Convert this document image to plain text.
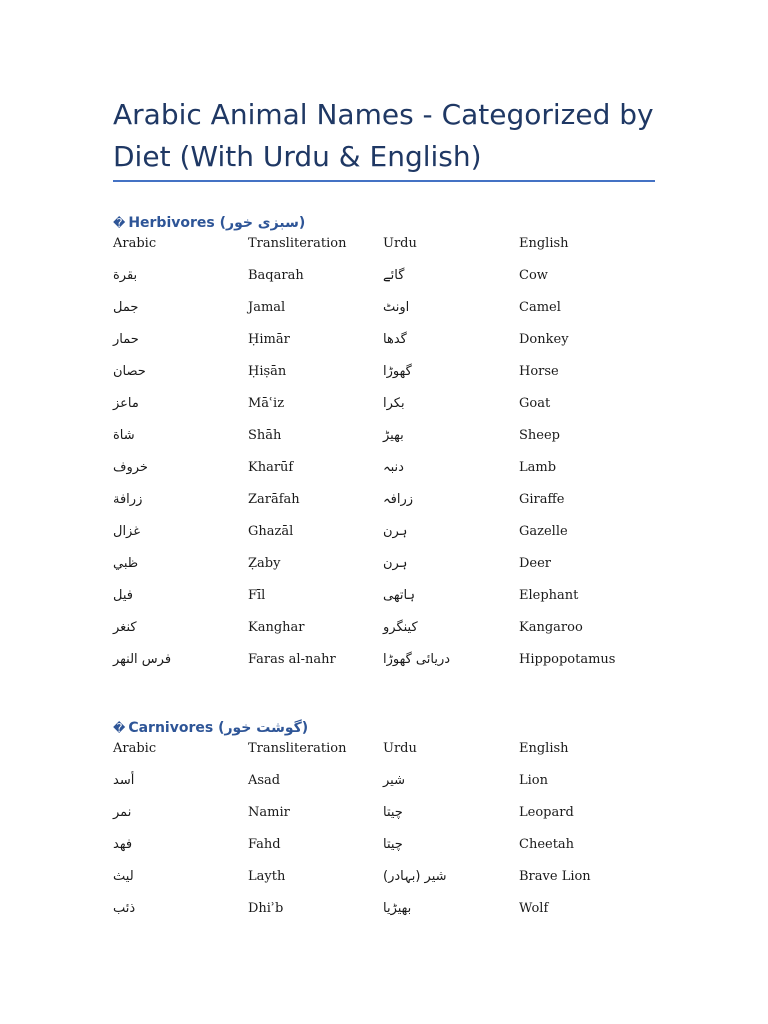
Arabic Animal Names - Categorized by Diet (With Urdu & English)
� Herbivores (سبزی خور)
Arabic	Transliteration	Urdu	English
بقرة	Baqarah	گائے	Cow
جمل	Jamal	اونٹ	Camel
حمار	Ḥimār	گدھا	Donkey
حصان	Ḥiṣān	گھوڑا	Horse
ماعز	Māʿiz	بکرا	Goat
شاة	Shāh	بھیڑ	Sheep
خروف	Kharūf	دنبہ	Lamb
زرافة	Zarāfah	زرافہ	Giraffe
غزال	Ghazāl	ہرن	Gazelle
ظبي	Ẓaby	ہرن	Deer
فيل	Fīl	ہاتھی	Elephant
كنغر	Kanghar	کینگرو	Kangaroo
فرس النهر	Faras al-nahr	دریائی گھوڑا	Hippopotamus
� Carnivores (گوشت خور)
Arabic	Transliteration	Urdu	English
أسد	Asad	شیر	Lion
نمر	Namir	چیتا	Leopard
فهد	Fahd	چیتا	Cheetah
ليث	Layth	شیر (بہادر)	Brave Lion
ذئب	Dhiʾb	بھیڑیا	Wolf
